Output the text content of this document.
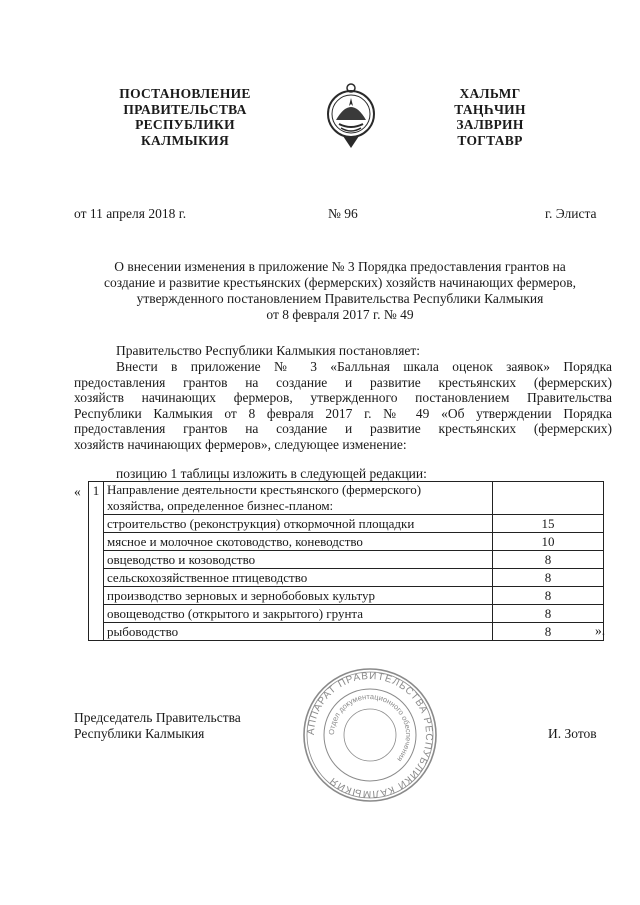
ПОСТАНОВЛЕНИЕ
ПРАВИТЕЛЬСТВА
РЕСПУБЛИКИ
КАЛМЫКИЯ
ХАЛЬМГ
ТАҢҺЧИН
ЗАЛВРИН
ТОГТАВР
от 11 апреля 2018 г.	№ 96	г. Элиста
О внесении изменения в приложение № 3 Порядка предоставления грантов на
создание и развитие крестьянских (фермерских) хозяйств начинающих фермеров,
утвержденного постановлением Правительства Республики Калмыкия
от 8 февраля 2017 г. № 49
Правительство Республики Калмыкия постановляет:
Внести в приложение № 3 «Балльная шкала оценок заявок» Порядка
предоставления грантов на создание и развитие крестьянских (фермерских)
хозяйств начинающих фермеров, утвержденного постановлением Правительства
Республики Калмыкия от 8 февраля 2017 г. № 49 «Об утверждении Порядка
предоставления грантов на создание и развитие крестьянских (фермерских)
хозяйств начинающих фермеров», следующее изменение:
позицию 1 таблицы изложить в следующей редакции:
« 1	Направление деятельности крестьянского (фермерского)
хозяйства, определенное бизнес-планом:	

	строительство (реконструкция) откормочной площадки	15
	мясное и молочное скотоводство, коневодство	10
	овцеводство и козоводство	8
	сельскохозяйственное птицеводство	8
	производство зерновых и зернобобовых культур	8
	овощеводство (открытого и закрытого) грунта	8
	рыбоводство	8	».
АППАРАТ ПРАВИТЕЛЬСТВА РЕСПУБЛИКИ КАЛМЫКИЯ
Отдел документационного обеспечения
Председатель Правительства
Республики Калмыкия	И. Зотов
